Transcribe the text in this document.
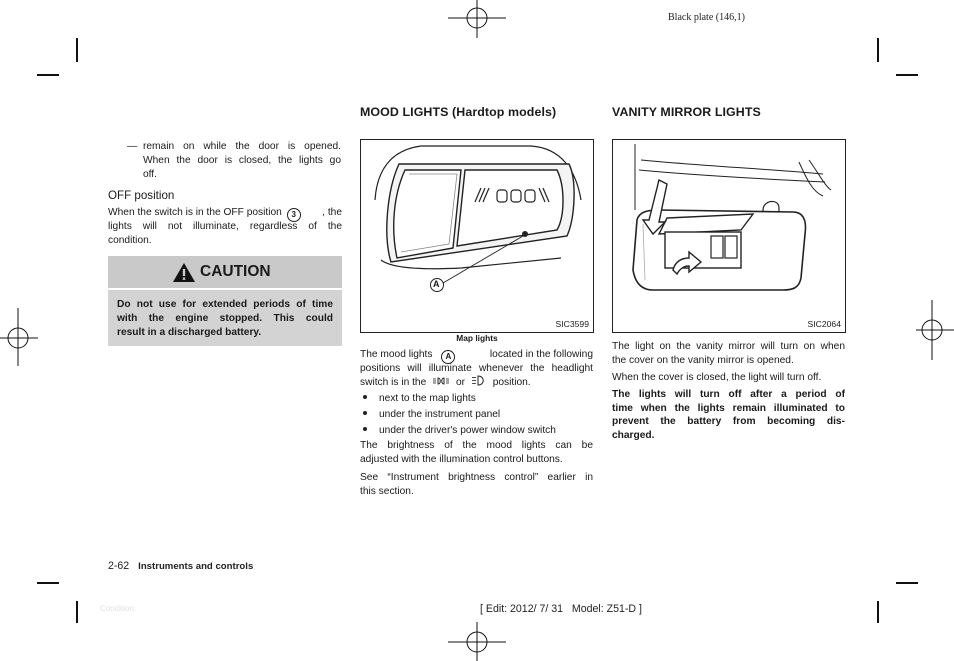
Black plate (146,1)
— remain on while the door is opened.
When the door is closed, the lights go
off.
OFF position
When the switch is in the OFF position 3	, the
lights will not illuminate, regardless of the
condition.
CAUTION
Do not use for extended periods of time
with the engine stopped. This could
result in a discharged battery.
MOOD LIGHTS (Hardtop models)
A
SIC3599
Map lights
The mood lights A	located in the following
positions will illuminate whenever the headlight
switch is in the	or	position.
next to the map lights
under the instrument panel
under the driver's power window switch
The brightness of the mood lights can be
adjusted with the illumination control buttons.
See “Instrument brightness control” earlier in
this section.
VANITY MIRROR LIGHTS
SIC2064
The light on the vanity mirror will turn on when
the cover on the vanity mirror is opened.
When the cover is closed, the light will turn off.
The lights will turn off after a period of
time when the lights remain illuminated to
prevent the battery from becoming dis-
charged.
2-62 Instruments and controls
Condition:	[ Edit: 2012/ 7/ 31   Model: Z51-D ]
